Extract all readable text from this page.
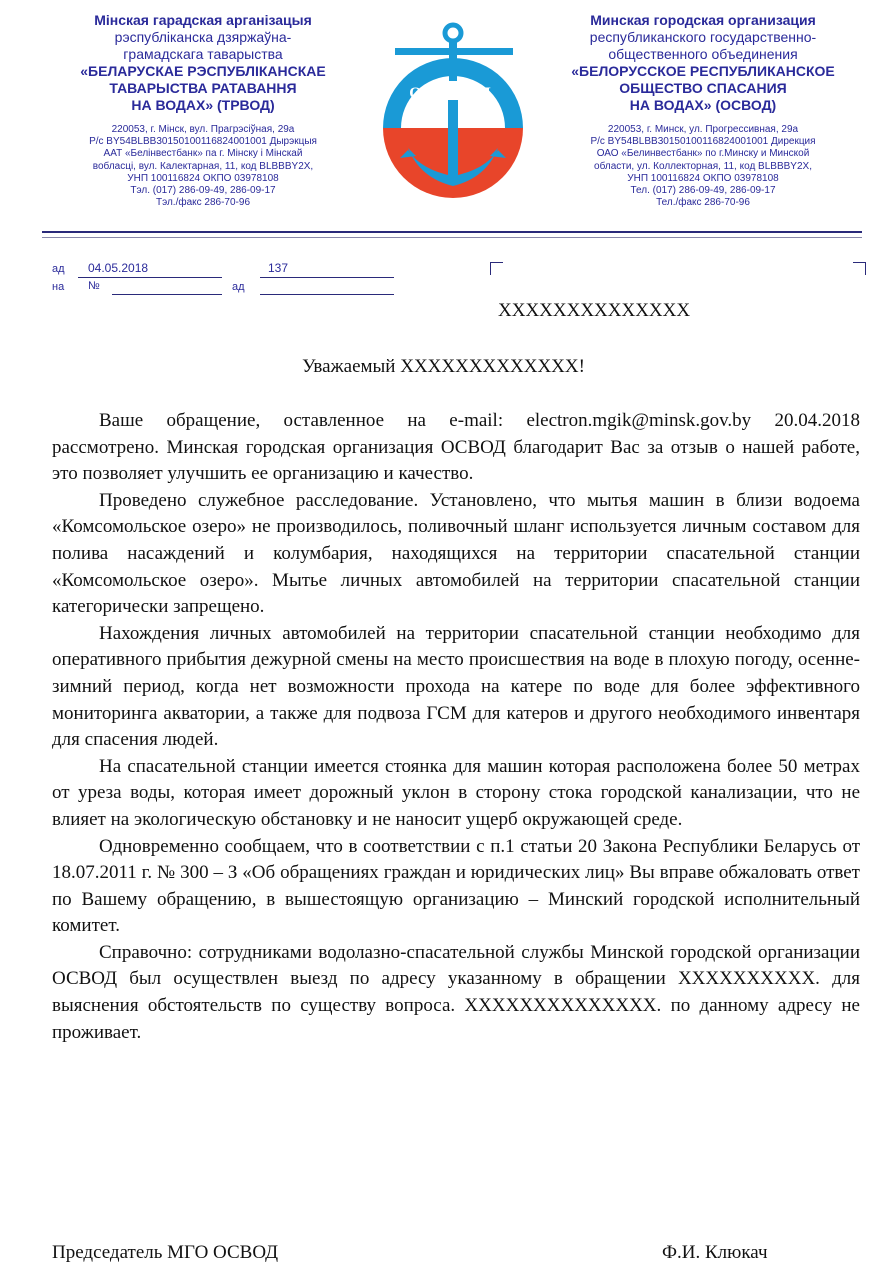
Мінская гарадская арганізацыя
рэспубліканска дзяржаўна-
грамадскага таварыства
«БЕЛАРУСКАЕ РЭСПУБЛІКАНСКАЕ
ТАВАРЫСТВА РАТАВАННЯ
НА ВОДАХ» (ТРВОД)
220053, г. Мінск, вул. Прагрэсіўная, 29а
Р/с BY54BLBB30150100116824001001 Дырэкцыя
ААТ «Белінвестбанк» па г. Мінску і Мінскай
вобласці, вул. Калектарная, 11, код BLBBBY2X,
УНП 100116824 ОКПО 03978108
Тэл. (017) 286-09-49, 286-09-17
Тэл./факс 286-70-96
ОСВОД
Минская городская организация
республиканского государственно-
общественного объединения
«БЕЛОРУССКОЕ РЕСПУБЛИКАНСКОЕ
ОБЩЕСТВО СПАСАНИЯ
НА ВОДАХ» (ОСВОД)
220053, г. Минск, ул. Прогрессивная, 29а
Р/с BY54BLBB30150100116824001001 Дирекция
ОАО «Белинвестбанк» по г.Минску и Минской
области, ул. Коллекторная, 11, код BLBBBY2X,
УНП 100116824 ОКПО 03978108
Тел. (017) 286-09-49, 286-09-17
Тел./факс 286-70-96
ад 04.05.2018	137
на №	ад
ХХХХХХХХХХХХХХ
Уважаемый ХХХХХХХХХХХХХ!

Ваше обращение, оставленное на e-mail: electron.mgik@minsk.gov.by 20.04.2018 рассмотрено. Минская городская организация ОСВОД благодарит Вас за отзыв о нашей работе, это позволяет улучшить ее организацию и качество.

Проведено служебное расследование. Установлено, что мытья машин в близи водоема «Комсомольское озеро» не производилось, поливочный шланг используется личным составом для полива насаждений и колумбария, находящихся на территории спасательной станции «Комсомольское озеро». Мытье личных автомобилей на территории спасательной станции категорически запрещено.

Нахождения личных автомобилей на территории спасательной станции необходимо для оперативного прибытия дежурной смены на место происшествия на воде в плохую погоду, осенне-зимний период, когда нет возможности прохода на катере по воде для более эффективного мониторинга акватории, а также для подвоза ГСМ для катеров и другого необходимого инвентаря для спасения людей.

На спасательной станции имеется стоянка для машин которая расположена более 50 метрах от уреза воды, которая имеет дорожный уклон в сторону стока городской канализации, что не влияет на экологическую обстановку и не наносит ущерб окружающей среде.

Одновременно сообщаем, что в соответствии с п.1 статьи 20 Закона Республики Беларусь от 18.07.2011 г. № 300 – З «Об обращениях граждан и юридических лиц» Вы вправе обжаловать ответ по Вашему обращению, в вышестоящую организацию – Минский городской исполнительный комитет.

Справочно: сотрудниками водолазно-спасательной службы Минской городской организации ОСВОД был осуществлен выезд по адресу указанному в обращении ХХХХХХХХХХ. для выяснения обстоятельств по существу вопроса. ХХХХХХХХХХХХХХ. по данному адресу не проживает.

Председатель МГО ОСВОД	Ф.И. Клюкач
